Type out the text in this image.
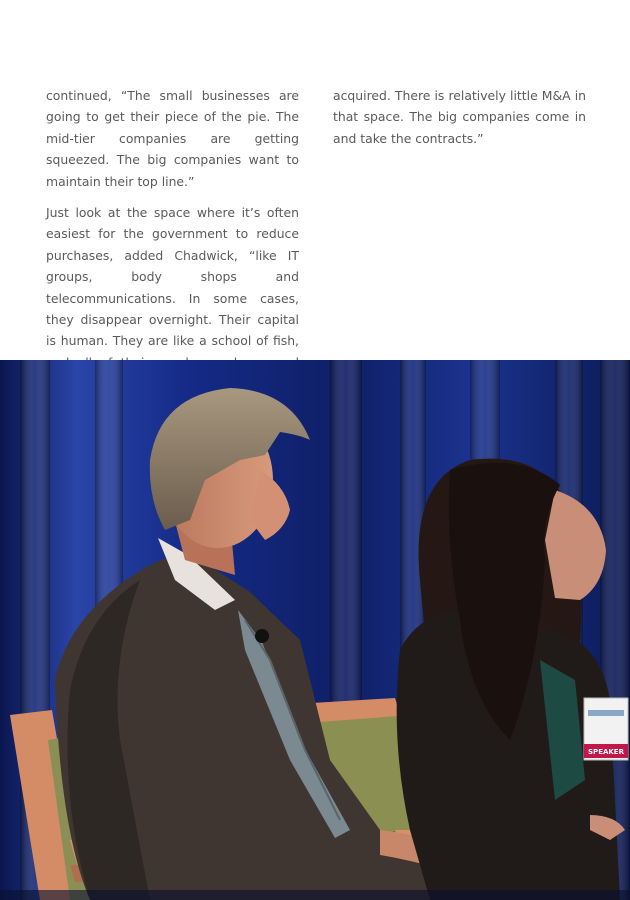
continued, “The small businesses are going to get their piece of the pie. The mid-tier companies are getting squeezed. The big companies want to maintain their top line.”

Just look at the space where it’s often easiest for the government to reduce purchases, added Chadwick, “like IT groups, body shops and telecommunications. In some cases, they disappear overnight. Their capital is human. They are like a school of fish,

acquired. There is relatively little M&A in that space. The big companies come in and take the contracts.”

SPEAKER
